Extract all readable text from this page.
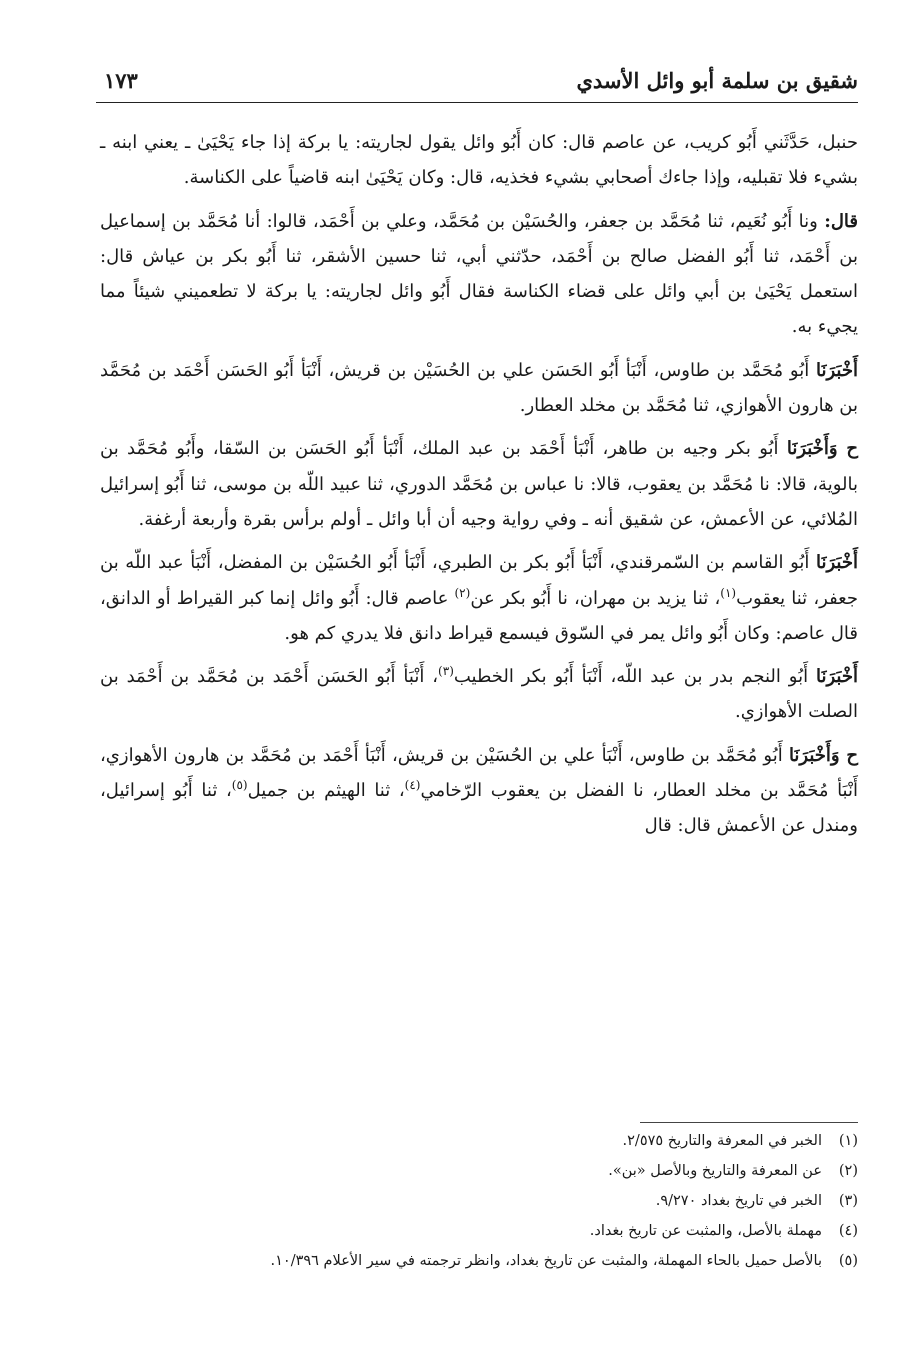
شقيق بن سلمة أبو وائل الأسدي
١٧٣

حنبل، حَدَّثَني أَبُو كريب، عن عاصم قال: كان أَبُو وائل يقول لجاريته: يا بركة إذا جاء يَحْيَىٰ ـ يعني ابنه ـ بشيء فلا تقبليه، وإذا جاءك أصحابي بشيء فخذيه، قال: وكان يَحْيَىٰ ابنه قاضياً على الكناسة.

قال: ونا أَبُو نُعَيم، ثنا مُحَمَّد بن جعفر، والحُسَيْن بن مُحَمَّد، وعلي بن أَحْمَد، قالوا: أنا مُحَمَّد بن إسماعيل بن أَحْمَد، ثنا أَبُو الفضل صالح بن أَحْمَد، حدّثني أبي، ثنا حسين الأشقر، ثنا أَبُو بكر بن عياش قال: استعمل يَحْيَىٰ بن أبي وائل على قضاء الكناسة فقال أَبُو وائل لجاريته: يا بركة لا تطعميني شيئاً مما يجيء به.

أَخْبَرَنَا أَبُو مُحَمَّد بن طاوس، أَنْبَأ أَبُو الحَسَن علي بن الحُسَيْن بن قريش، أَنْبَأ أَبُو الحَسَن أَحْمَد بن مُحَمَّد بن هارون الأهوازي، ثنا مُحَمَّد بن مخلد العطار.

ح وَأَخْبَرَنَا أَبُو بكر وجيه بن طاهر، أَنْبَأ أَحْمَد بن عبد الملك، أَنْبَأ أَبُو الحَسَن بن السّقا، وأَبُو مُحَمَّد بن بالوية، قالا: نا مُحَمَّد بن يعقوب، قالا: نا عباس بن مُحَمَّد الدوري، ثنا عبيد اللّه بن موسى، ثنا أَبُو إسرائيل المُلائي، عن الأعمش، عن شقيق أنه ـ وفي رواية وجيه أن أبا وائل ـ أولم برأس بقرة وأربعة أرغفة.

أَخْبَرَنَا أَبُو القاسم بن السّمرقندي، أَنْبَأ أَبُو بكر بن الطبري، أَنْبَأ أَبُو الحُسَيْن بن المفضل، أَنْبَأ عبد اللّه بن جعفر، ثنا يعقوب$^{(١)}$، ثنا يزيد بن مهران، نا أَبُو بكر عن$^{(٢)}$ عاصم قال: أَبُو وائل إنما كبر القيراط أو الدانق، قال عاصم: وكان أَبُو وائل يمر في السّوق فيسمع قيراط دانق فلا يدري كم هو.

أَخْبَرَنَا أَبُو النجم بدر بن عبد اللّه، أَنْبَأ أَبُو بكر الخطيب$^{(٣)}$، أَنْبَأ أَبُو الحَسَن أَحْمَد بن مُحَمَّد بن أَحْمَد بن الصلت الأهوازي.

ح وَأَخْبَرَنَا أَبُو مُحَمَّد بن طاوس، أَنْبَأ علي بن الحُسَيْن بن قريش، أَنْبَأ أَحْمَد بن مُحَمَّد بن هارون الأهوازي، أَنْبَأ مُحَمَّد بن مخلد العطار، نا الفضل بن يعقوب الرّخامي$^{(٤)}$، ثنا الهيثم بن جميل$^{(٥)}$، ثنا أَبُو إسرائيل، ومندل عن الأعمش قال: قال

(١)الخبر في المعرفة والتاريخ ٢/٥٧٥.

(٢)عن المعرفة والتاريخ وبالأصل «بن».

(٣)الخبر في تاريخ بغداد ٩/٢٧٠.

(٤)مهملة بالأصل، والمثبت عن تاريخ بغداد.

(٥)بالأصل حميل بالحاء المهملة، والمثبت عن تاريخ بغداد، وانظر ترجمته في سير الأعلام ١٠/٣٩٦.
